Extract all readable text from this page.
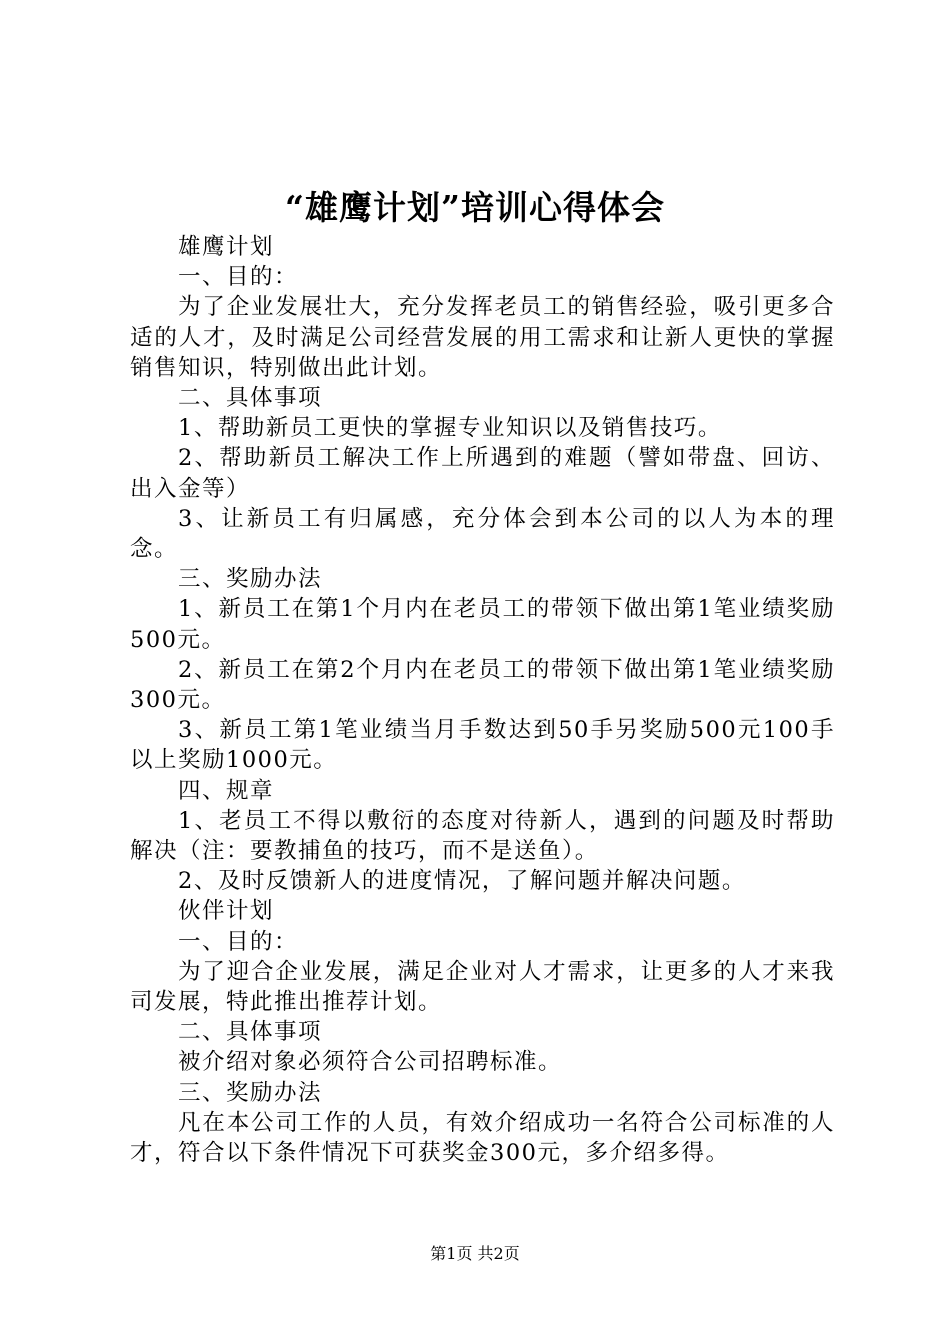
“雄鹰计划”培训心得体会

雄鹰计划

一、目的：

为了企业发展壮大，充分发挥老员工的销售经验，吸引更多合适的人才，及时满足公司经营发展的用工需求和让新人更快的掌握销售知识，特别做出此计划。

二、具体事项

1、帮助新员工更快的掌握专业知识以及销售技巧。

2、帮助新员工解决工作上所遇到的难题（譬如带盘、回访、出入金等）

3、让新员工有归属感，充分体会到本公司的以人为本的理念。

三、奖励办法

1、新员工在第1个月内在老员工的带领下做出第1笔业绩奖励500元。

2、新员工在第2个月内在老员工的带领下做出第1笔业绩奖励300元。

3、新员工第1笔业绩当月手数达到50手另奖励500元100手以上奖励1000元。

四、规章

1、老员工不得以敷衍的态度对待新人，遇到的问题及时帮助解决（注：要教捕鱼的技巧，而不是送鱼）。

2、及时反馈新人的进度情况，了解问题并解决问题。

伙伴计划

一、目的：

为了迎合企业发展，满足企业对人才需求，让更多的人才来我司发展，特此推出推荐计划。

二、具体事项

被介绍对象必须符合公司招聘标准。

三、奖励办法

凡在本公司工作的人员，有效介绍成功一名符合公司标准的人才，符合以下条件情况下可获奖金300元，多介绍多得。

第1页 共2页
